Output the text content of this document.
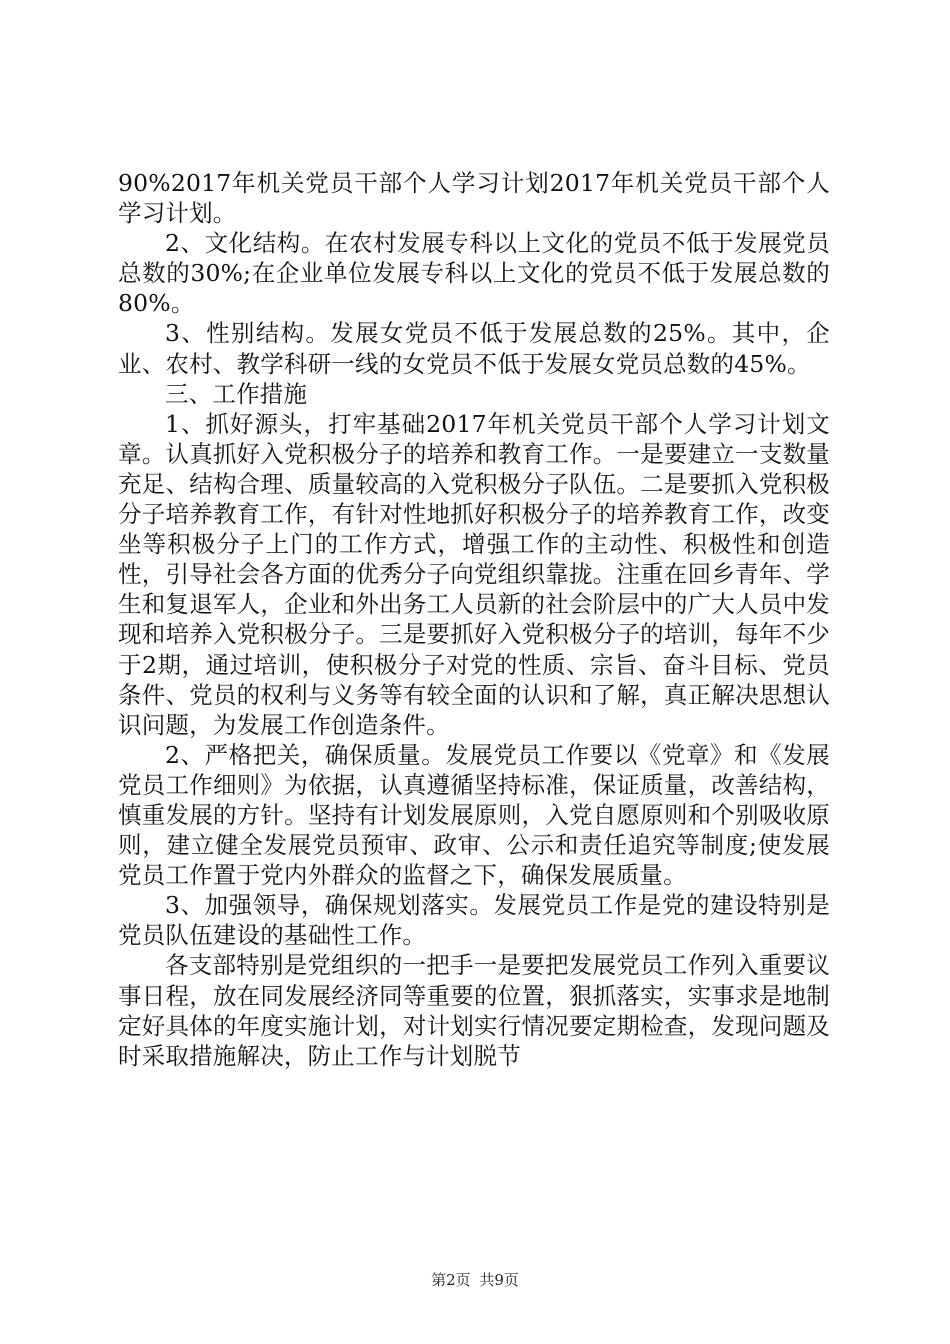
90%2017年机关党员干部个人学习计划2017年机关党员干部个人学习计划。

2、文化结构。在农村发展专科以上文化的党员不低于发展党员总数的30%;在企业单位发展专科以上文化的党员不低于发展总数的80%。

3、性别结构。发展女党员不低于发展总数的25%。其中，企业、农村、教学科研一线的女党员不低于发展女党员总数的45%。

三、工作措施

1、抓好源头，打牢基础2017年机关党员干部个人学习计划文章。认真抓好入党积极分子的培养和教育工作。一是要建立一支数量充足、结构合理、质量较高的入党积极分子队伍。二是要抓入党积极分子培养教育工作，有针对性地抓好积极分子的培养教育工作，改变坐等积极分子上门的工作方式，增强工作的主动性、积极性和创造性，引导社会各方面的优秀分子向党组织靠拢。注重在回乡青年、学生和复退军人，企业和外出务工人员新的社会阶层中的广大人员中发现和培养入党积极分子。三是要抓好入党积极分子的培训，每年不少于2期，通过培训，使积极分子对党的性质、宗旨、奋斗目标、党员条件、党员的权利与义务等有较全面的认识和了解，真正解决思想认识问题，为发展工作创造条件。

2、严格把关，确保质量。发展党员工作要以《党章》和《发展党员工作细则》为依据，认真遵循坚持标准，保证质量，改善结构，慎重发展的方针。坚持有计划发展原则，入党自愿原则和个别吸收原则，建立健全发展党员预审、政审、公示和责任追究等制度;使发展党员工作置于党内外群众的监督之下，确保发展质量。

3、加强领导，确保规划落实。发展党员工作是党的建设特别是党员队伍建设的基础性工作。

各支部特别是党组织的一把手一是要把发展党员工作列入重要议事日程，放在同发展经济同等重要的位置，狠抓落实，实事求是地制定好具体的年度实施计划，对计划实行情况要定期检查，发现问题及时采取措施解决，防止工作与计划脱节

第2页 共9页
